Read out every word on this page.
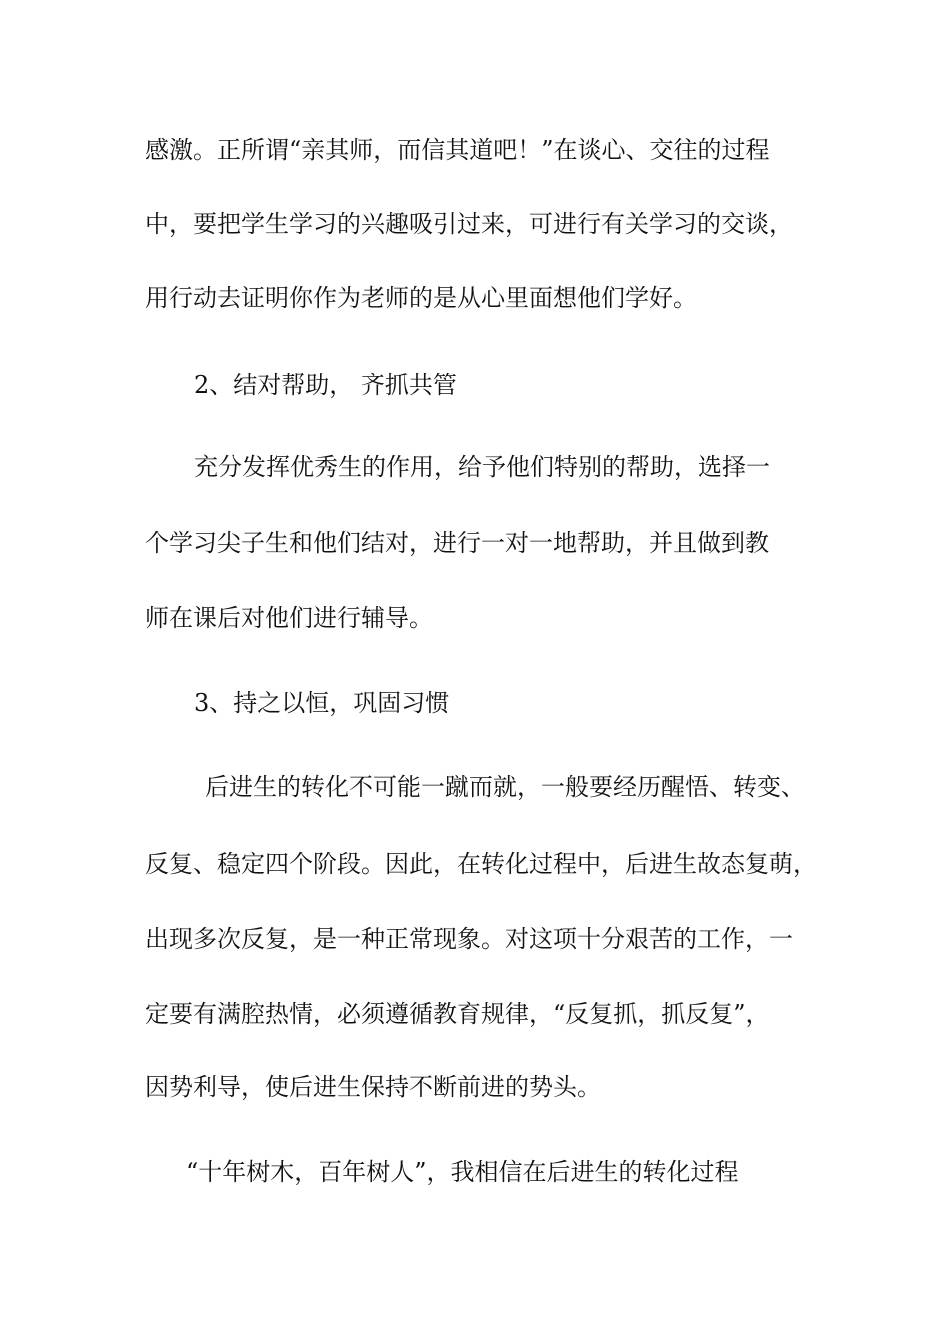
感激。正所谓“亲其师，而信其道吧！”在谈心、交往的过程
中，要把学生学习的兴趣吸引过来，可进行有关学习的交谈，
用行动去证明你作为老师的是从心里面想他们学好。
2、结对帮助， 齐抓共管
充分发挥优秀生的作用，给予他们特别的帮助，选择一
个学习尖子生和他们结对，进行一对一地帮助，并且做到教
师在课后对他们进行辅导。
3、持之以恒，巩固习惯
后进生的转化不可能一蹴而就，一般要经历醒悟、转变、
反复、稳定四个阶段。因此，在转化过程中，后进生故态复萌，
出现多次反复，是一种正常现象。对这项十分艰苦的工作，一
定要有满腔热情，必须遵循教育规律，“反复抓，抓反复”，
因势利导，使后进生保持不断前进的势头。
“十年树木，百年树人”，我相信在后进生的转化过程
